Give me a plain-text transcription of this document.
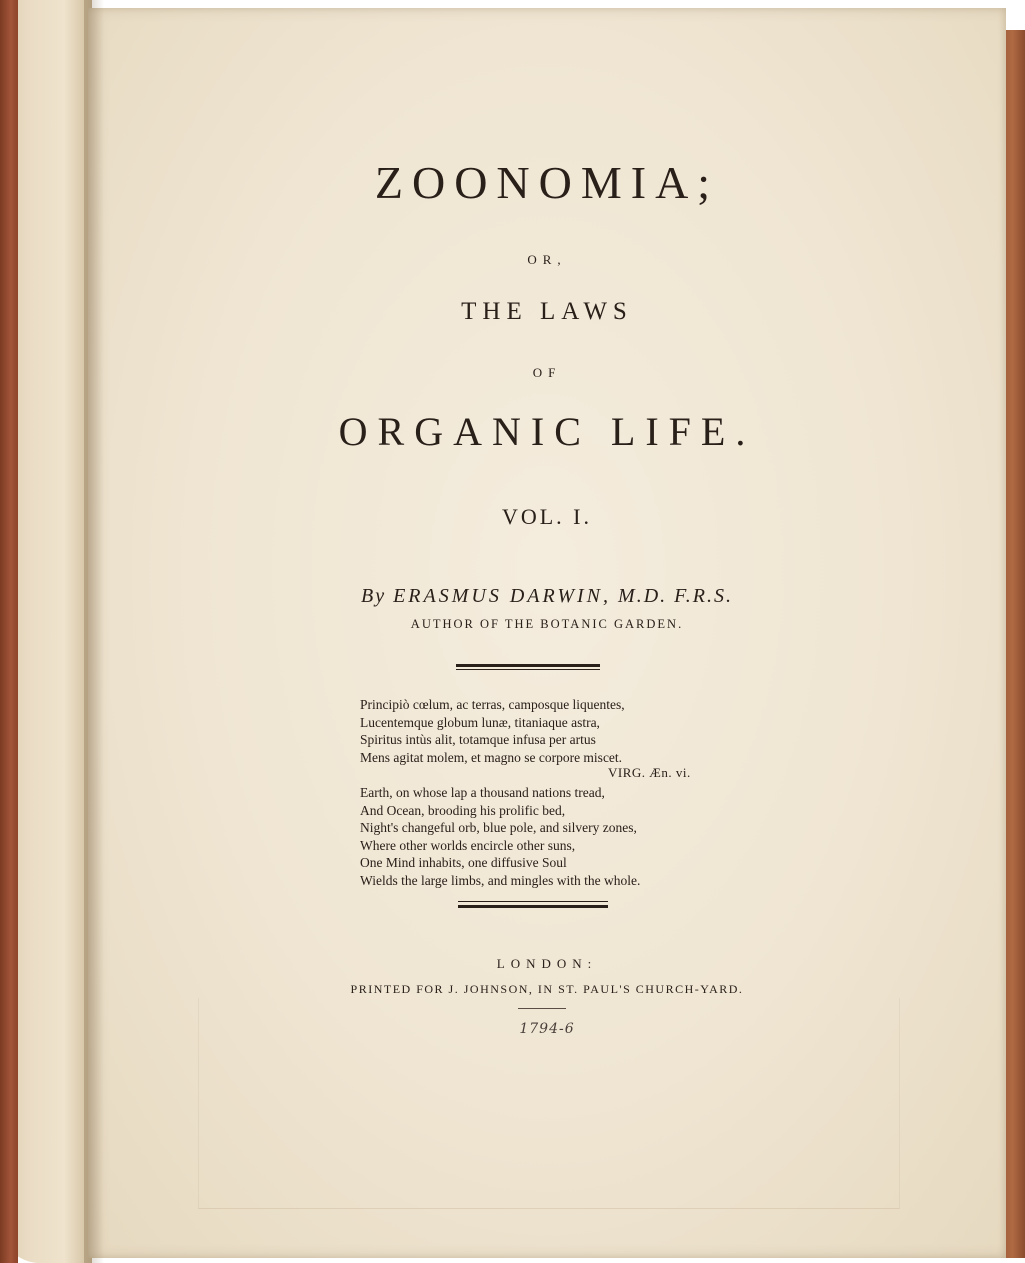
ZOONOMIA;
OR,
THE LAWS
OF
ORGANIC LIFE.
VOL. I.
By ERASMUS DARWIN, M.D. F.R.S.
AUTHOR OF THE BOTANIC GARDEN.
Principiò cœlum, ac terras, camposque liquentes,
Lucentemque globum lunæ, titaniaque astra,
Spiritus intùs alit, totamque infusa per artus
Mens agitat molem, et magno se corpore miscet.
VIRG. Æn. vi.
Earth, on whose lap a thousand nations tread,
And Ocean, brooding his prolific bed,
Night's changeful orb, blue pole, and silvery zones,
Where other worlds encircle other suns,
One Mind inhabits, one diffusive Soul
Wields the large limbs, and mingles with the whole.
LONDON:
PRINTED FOR J. JOHNSON, IN ST. PAUL'S CHURCH-YARD.
1794-6
